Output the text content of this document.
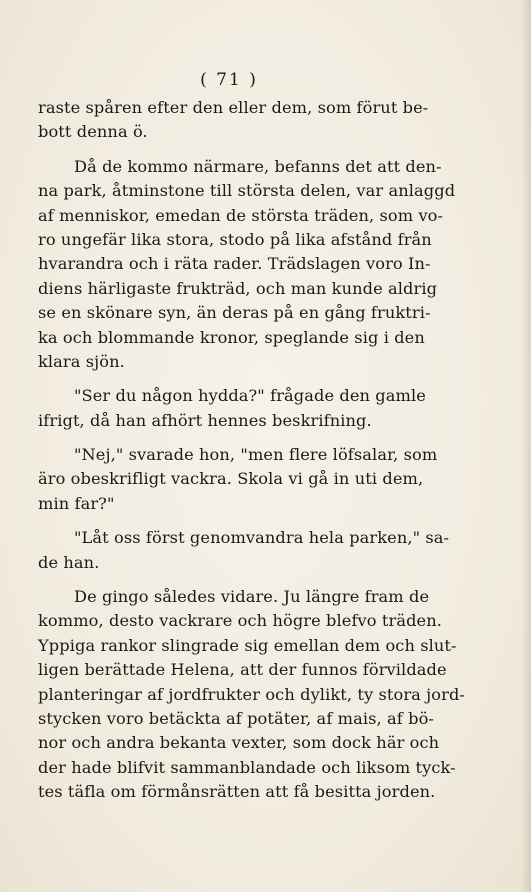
( 71 )
raste spåren efter den eller dem, som förut be-
bott denna ö.
Då de kommo närmare, befanns det att den-
na park, åtminstone till största delen, var anlaggd
af menniskor, emedan de största träden, som vo-
ro ungefär lika stora, stodo på lika afstånd från
hvarandra och i räta rader. Trädslagen voro In-
diens härligaste frukträd, och man kunde aldrig
se en skönare syn, än deras på en gång fruktri-
ka och blommande kronor, speglande sig i den
klara sjön.
"Ser du någon hydda?" frågade den gamle
ifrigt, då han afhört hennes beskrifning.
"Nej," svarade hon, "men flere löfsalar, som
äro obeskrifligt vackra. Skola vi gå in uti dem,
min far?"
"Låt oss först genomvandra hela parken," sa-
de han.
De gingo således vidare. Ju längre fram de
kommo, desto vackrare och högre blefvo träden.
Yppiga rankor slingrade sig emellan dem och slut-
ligen berättade Helena, att der funnos förvildade
planteringar af jordfrukter och dylikt, ty stora jord-
stycken voro betäckta af potäter, af mais, af bö-
nor och andra bekanta vexter, som dock här och
der hade blifvit sammanblandade och liksom tyck-
tes täfla om förmånsrätten att få besitta jorden.
